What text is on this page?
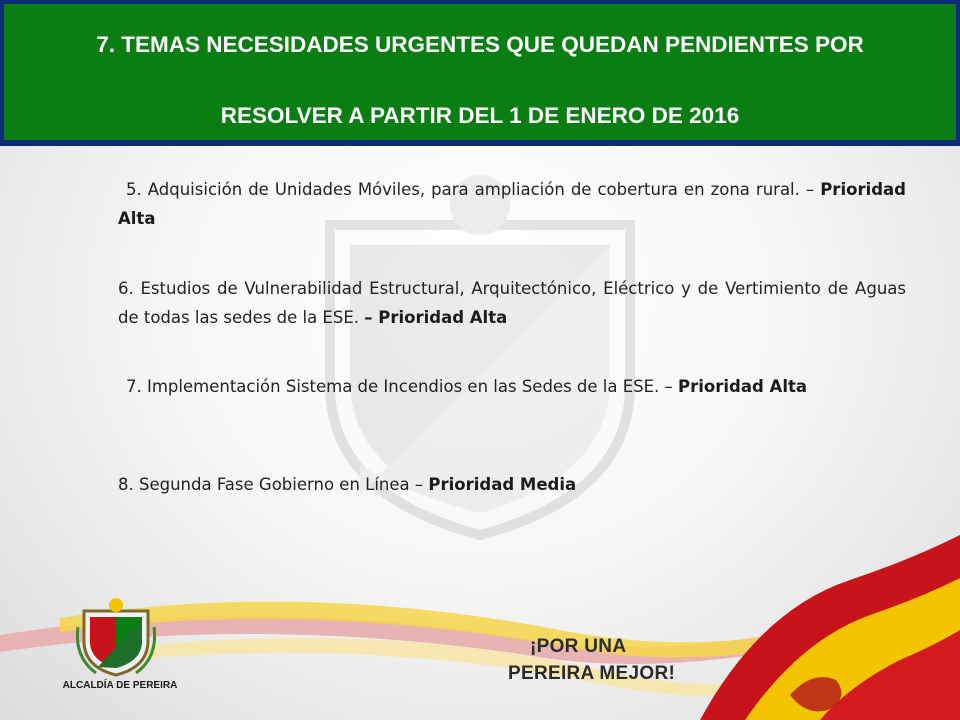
7. TEMAS NECESIDADES URGENTES QUE QUEDAN PENDIENTES POR
RESOLVER A PARTIR DEL 1 DE ENERO DE 2016

5. Adquisición de Unidades Móviles, para ampliación de cobertura en zona rural. – Prioridad Alta

6. Estudios de Vulnerabilidad Estructural, Arquitectónico, Eléctrico y de Vertimiento de Aguas de todas las sedes de la ESE. – Prioridad Alta

7. Implementación Sistema de Incendios en las Sedes de la ESE. – Prioridad Alta

8. Segunda Fase Gobierno en Línea – Prioridad Media

ALCALDÍA DE PEREIRA
¡POR UNA
PEREIRA MEJOR!
